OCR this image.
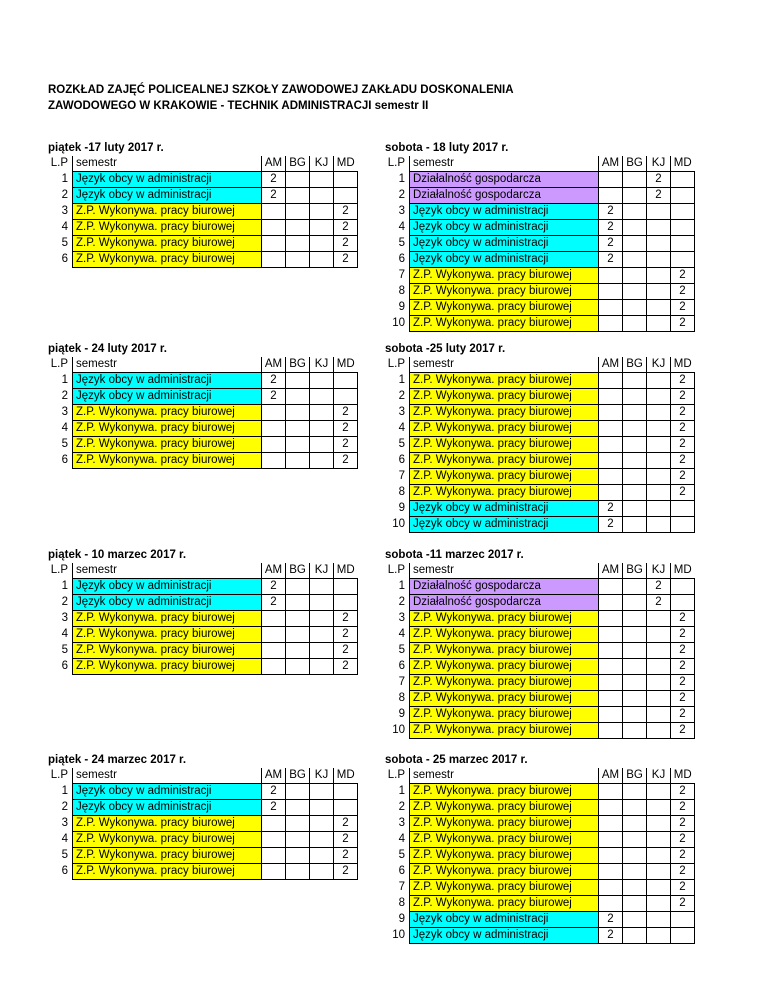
ROZKŁAD ZAJĘĆ POLICEALNEJ SZKOŁY ZAWODOWEJ ZAKŁADU DOSKONALENIA
ZAWODOWEGO W KRAKOWIE - TECHNIK ADMINISTRACJI semestr II
piątek -17 luty 2017 r.
L.P	semestr	AM	BG	KJ	MD
1	Język obcy w administracji	2			
2	Język obcy w administracji	2			
3	Z.P. Wykonywa. pracy biurowej				2
4	Z.P. Wykonywa. pracy biurowej				2
5	Z.P. Wykonywa. pracy biurowej				2
6	Z.P. Wykonywa. pracy biurowej				2
sobota - 18 luty 2017 r.
L.P	semestr	AM	BG	KJ	MD
1	Działalność gospodarcza			2	
2	Działalność gospodarcza			2	
3	Język obcy w administracji	2			
4	Język obcy w administracji	2			
5	Język obcy w administracji	2			
6	Język obcy w administracji	2			
7	Z.P. Wykonywa. pracy biurowej				2
8	Z.P. Wykonywa. pracy biurowej				2
9	Z.P. Wykonywa. pracy biurowej				2
10	Z.P. Wykonywa. pracy biurowej				2
piątek - 24 luty 2017 r.
L.P	semestr	AM	BG	KJ	MD
1	Język obcy w administracji	2			
2	Język obcy w administracji	2			
3	Z.P. Wykonywa. pracy biurowej				2
4	Z.P. Wykonywa. pracy biurowej				2
5	Z.P. Wykonywa. pracy biurowej				2
6	Z.P. Wykonywa. pracy biurowej				2
sobota -25 luty 2017 r.
L.P	semestr	AM	BG	KJ	MD
1	Z.P. Wykonywa. pracy biurowej				2
2	Z.P. Wykonywa. pracy biurowej				2
3	Z.P. Wykonywa. pracy biurowej				2
4	Z.P. Wykonywa. pracy biurowej				2
5	Z.P. Wykonywa. pracy biurowej				2
6	Z.P. Wykonywa. pracy biurowej				2
7	Z.P. Wykonywa. pracy biurowej				2
8	Z.P. Wykonywa. pracy biurowej				2
9	Język obcy w administracji	2			
10	Język obcy w administracji	2			
piątek - 10 marzec 2017 r.
L.P	semestr	AM	BG	KJ	MD
1	Język obcy w administracji	2			
2	Język obcy w administracji	2			
3	Z.P. Wykonywa. pracy biurowej				2
4	Z.P. Wykonywa. pracy biurowej				2
5	Z.P. Wykonywa. pracy biurowej				2
6	Z.P. Wykonywa. pracy biurowej				2
sobota -11 marzec 2017 r.
L.P	semestr	AM	BG	KJ	MD
1	Działalność gospodarcza			2	
2	Działalność gospodarcza			2	
3	Z.P. Wykonywa. pracy biurowej				2
4	Z.P. Wykonywa. pracy biurowej				2
5	Z.P. Wykonywa. pracy biurowej				2
6	Z.P. Wykonywa. pracy biurowej				2
7	Z.P. Wykonywa. pracy biurowej				2
8	Z.P. Wykonywa. pracy biurowej				2
9	Z.P. Wykonywa. pracy biurowej				2
10	Z.P. Wykonywa. pracy biurowej				2
piątek - 24 marzec 2017 r.
L.P	semestr	AM	BG	KJ	MD
1	Język obcy w administracji	2			
2	Język obcy w administracji	2			
3	Z.P. Wykonywa. pracy biurowej				2
4	Z.P. Wykonywa. pracy biurowej				2
5	Z.P. Wykonywa. pracy biurowej				2
6	Z.P. Wykonywa. pracy biurowej				2
sobota - 25 marzec 2017 r.
L.P	semestr	AM	BG	KJ	MD
1	Z.P. Wykonywa. pracy biurowej				2
2	Z.P. Wykonywa. pracy biurowej				2
3	Z.P. Wykonywa. pracy biurowej				2
4	Z.P. Wykonywa. pracy biurowej				2
5	Z.P. Wykonywa. pracy biurowej				2
6	Z.P. Wykonywa. pracy biurowej				2
7	Z.P. Wykonywa. pracy biurowej				2
8	Z.P. Wykonywa. pracy biurowej				2
9	Język obcy w administracji	2			
10	Język obcy w administracji	2			
